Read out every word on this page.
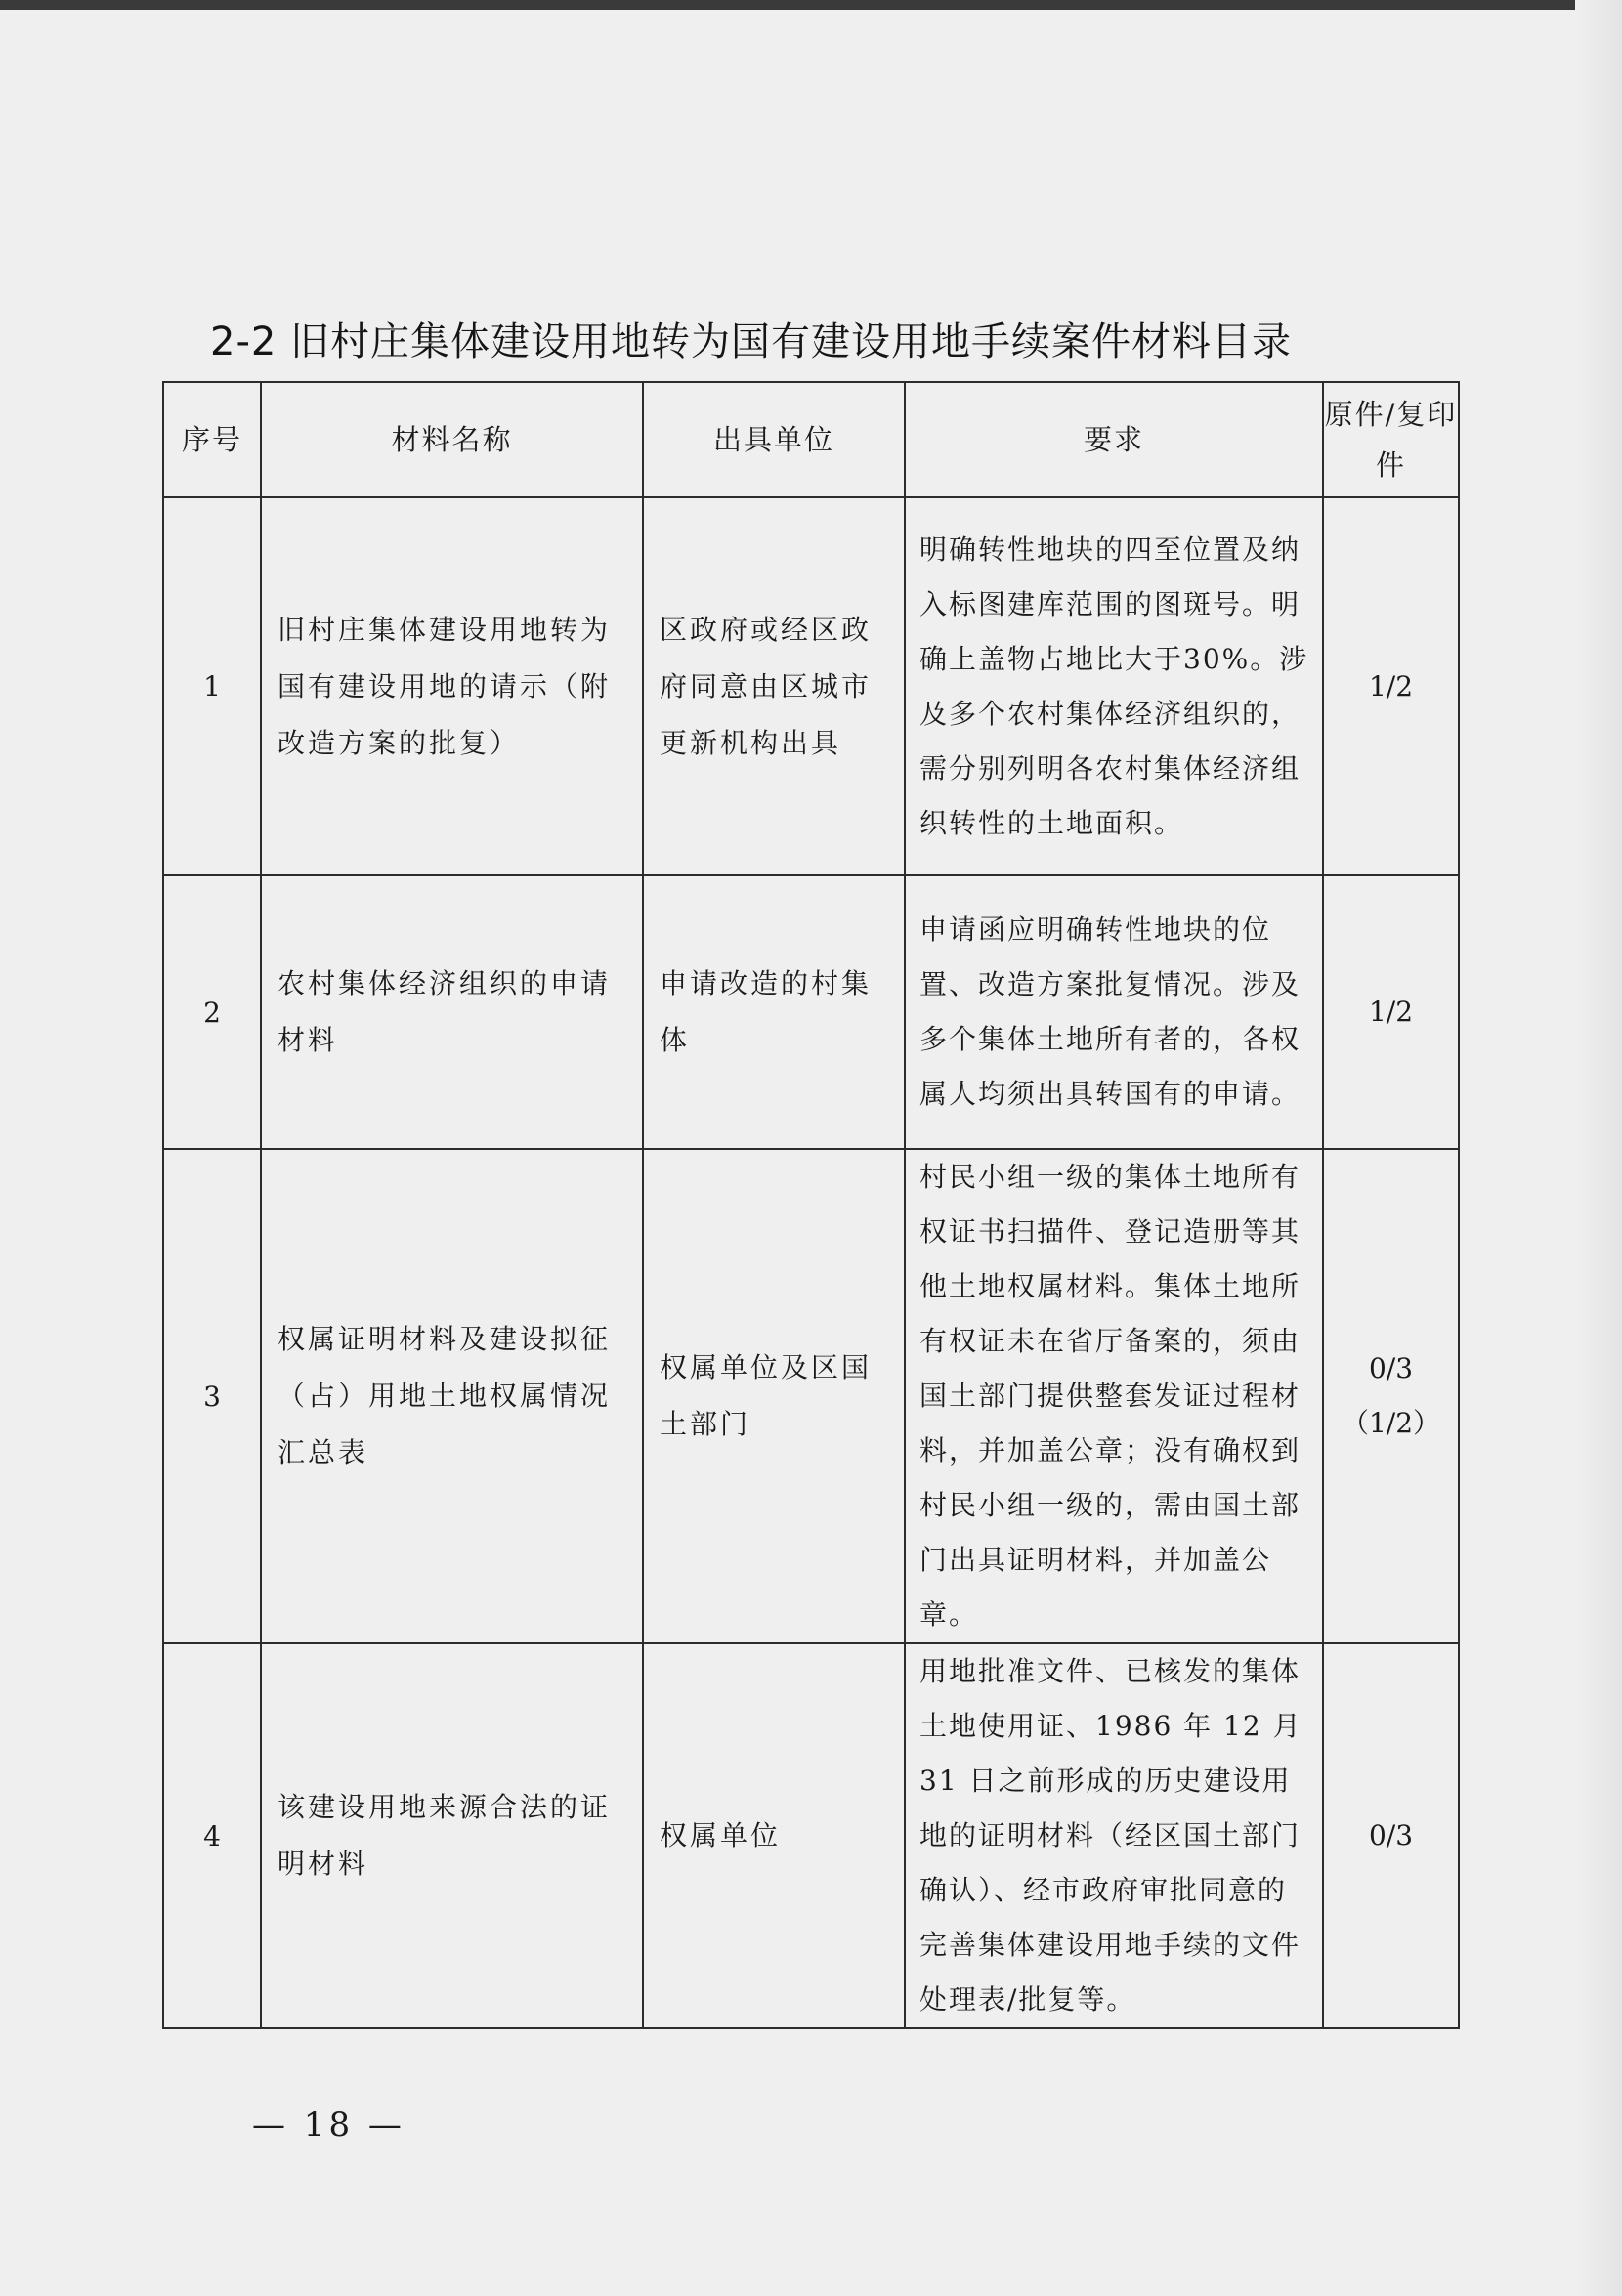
2-2 旧村庄集体建设用地转为国有建设用地手续案件材料目录
序号	材料名称	出具单位	要求	原件/复印件
1	旧村庄集体建设用地转为国有建设用地的请示（附改造方案的批复）	区政府或经区政府同意由区城市更新机构出具	明确转性地块的四至位置及纳入标图建库范围的图斑号。明确上盖物占地比大于30%。涉及多个农村集体经济组织的，需分别列明各农村集体经济组织转性的土地面积。	1/2
2	农村集体经济组织的申请材料	申请改造的村集体	申请函应明确转性地块的位置、改造方案批复情况。涉及多个集体土地所有者的，各权属人均须出具转国有的申请。	1/2
3	权属证明材料及建设拟征（占）用地土地权属情况汇总表	权属单位及区国土部门	村民小组一级的集体土地所有权证书扫描件、登记造册等其他土地权属材料。集体土地所有权证未在省厅备案的，须由国土部门提供整套发证过程材料，并加盖公章；没有确权到村民小组一级的，需由国土部门出具证明材料，并加盖公章。	0/3
（1/2）

4	该建设用地来源合法的证明材料	权属单位	用地批准文件、已核发的集体土地使用证、1986 年 12 月 31 日之前形成的历史建设用地的证明材料（经区国土部门确认）、经市政府审批同意的完善集体建设用地手续的文件处理表/批复等。	0/3
— 18 —
